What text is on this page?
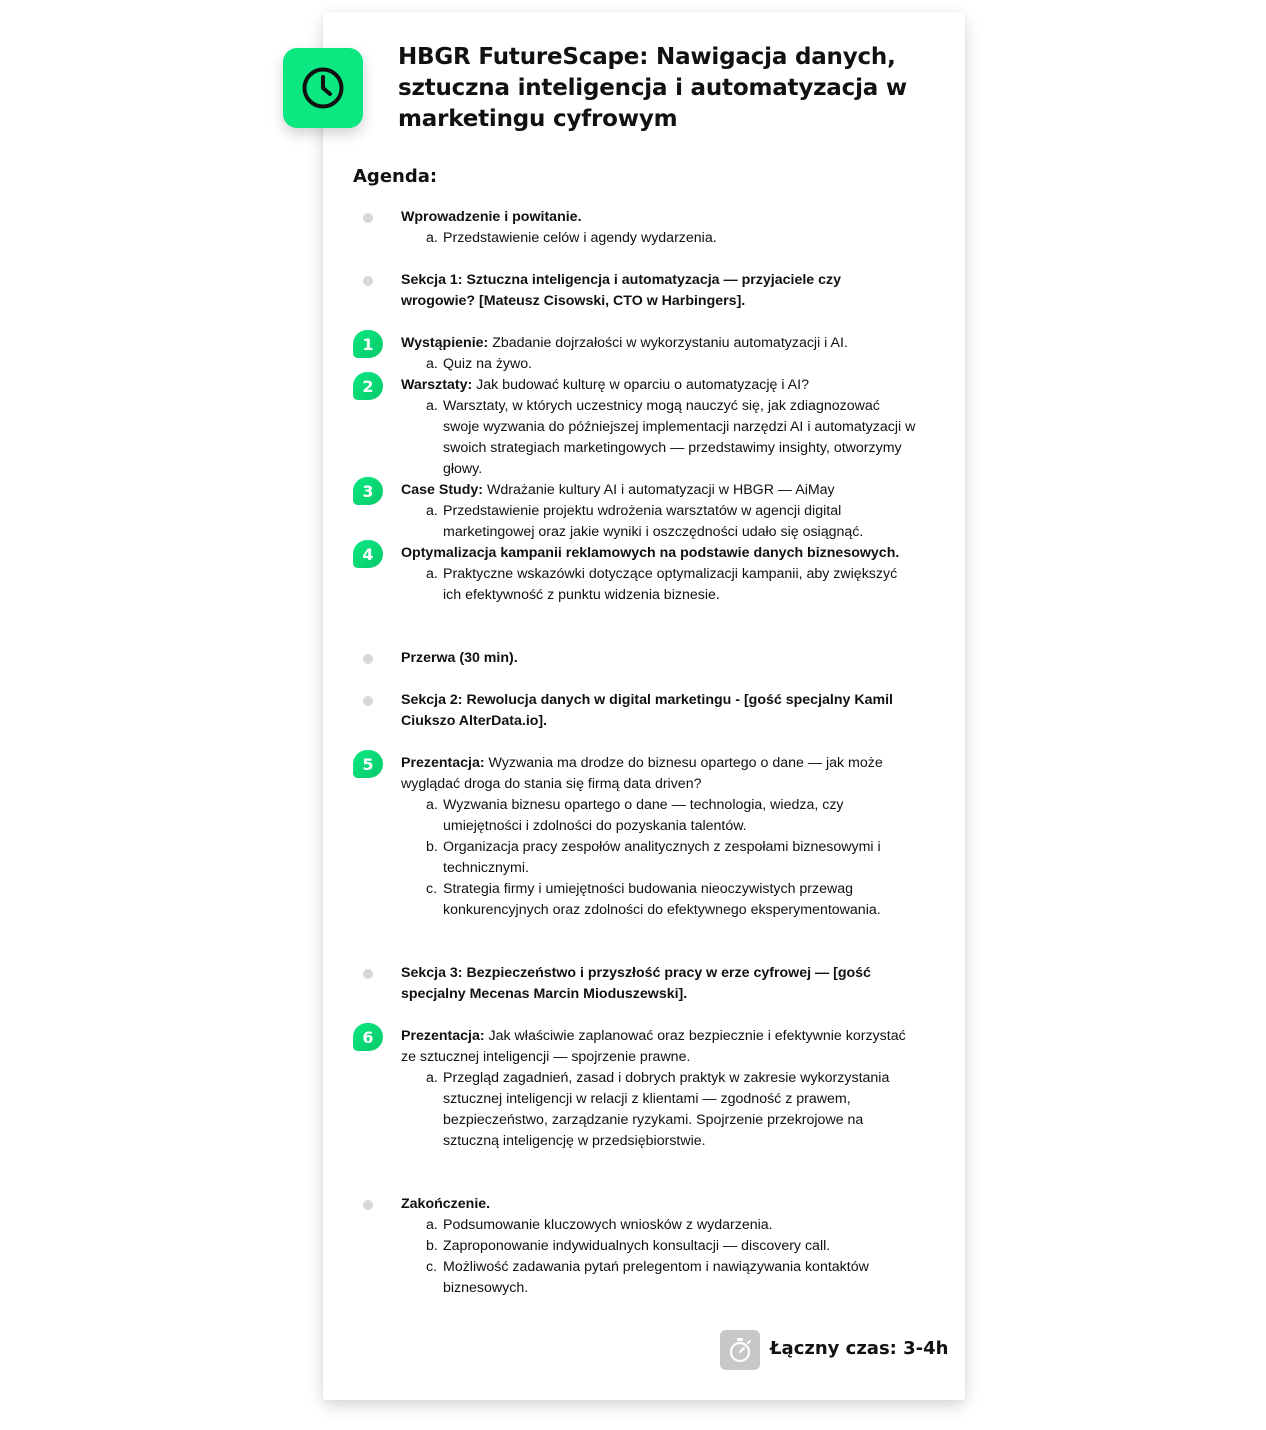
HBGR FutureScape: Nawigacja danych, sztuczna inteligencja i automatyzacja w marketingu cyfrowym
Agenda:
Wprowadzenie i powitanie.
a. Przedstawienie celów i agendy wydarzenia.
Sekcja 1: Sztuczna inteligencja i automatyzacja — przyjaciele czy wrogowie? [Mateusz Cisowski, CTO w Harbingers].
1	Wystąpienie: Zbadanie dojrzałości w wykorzystaniu automatyzacji i AI.
a. Quiz na żywo.
2	Warsztaty: Jak budować kulturę w oparciu o automatyzację i AI?
a. Warsztaty, w których uczestnicy mogą nauczyć się, jak zdiagnozować swoje wyzwania do późniejszej implementacji narzędzi AI i automatyzacji w swoich strategiach marketingowych — przedstawimy insighty, otworzymy głowy.
3	Case Study: Wdrażanie kultury AI i automatyzacji w HBGR — AiMay
a. Przedstawienie projektu wdrożenia warsztatów w agencji digital marketingowej oraz jakie wyniki i oszczędności udało się osiągnąć.
4	Optymalizacja kampanii reklamowych na podstawie danych biznesowych.
a. Praktyczne wskazówki dotyczące optymalizacji kampanii, aby zwiększyć ich efektywność z punktu widzenia biznesie.
Przerwa (30 min).
Sekcja 2: Rewolucja danych w digital marketingu - [gość specjalny Kamil Ciukszo AlterData.io].
5	Prezentacja: Wyzwania ma drodze do biznesu opartego o dane — jak może wyglądać droga do stania się firmą data driven?
a. Wyzwania biznesu opartego o dane — technologia, wiedza, czy umiejętności i zdolności do pozyskania talentów.
b. Organizacja pracy zespołów analitycznych z zespołami biznesowymi i technicznymi.
c. Strategia firmy i umiejętności budowania nieoczywistych przewag konkurencyjnych oraz zdolności do efektywnego eksperymentowania.
Sekcja 3: Bezpieczeństwo i przyszłość pracy w erze cyfrowej — [gość specjalny Mecenas Marcin Mioduszewski].
6	Prezentacja: Jak właściwie zaplanować oraz bezpiecznie i efektywnie korzystać ze sztucznej inteligencji — spojrzenie prawne.
a. Przegląd zagadnień, zasad i dobrych praktyk w zakresie wykorzystania sztucznej inteligencji w relacji z klientami — zgodność z prawem, bezpieczeństwo, zarządzanie ryzykami. Spojrzenie przekrojowe na sztuczną inteligencję w przedsiębiorstwie.
Zakończenie.
a. Podsumowanie kluczowych wniosków z wydarzenia.
b. Zaproponowanie indywidualnych konsultacji — discovery call.
c. Możliwość zadawania pytań prelegentom i nawiązywania kontaktów biznesowych.

Łączny czas: 3-4h
